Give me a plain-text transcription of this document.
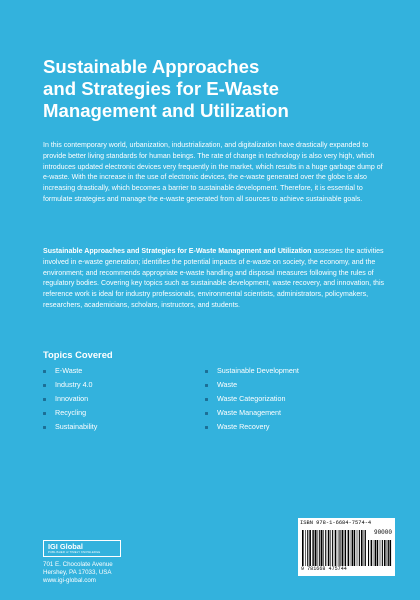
Sustainable Approaches
and Strategies for E-Waste
Management and Utilization

In this contemporary world, urbanization, industrialization, and digitalization have drastically expanded to provide better living standards for human beings. The rate of change in technology is also very high, which introduces updated electronic devices very frequently in the market, which results in a huge garbage dump of e-waste. With the increase in the use of electronic devices, the e-waste generated over the globe is also increasing drastically, which becomes a barrier to sustainable development. Therefore, it is essential to formulate strategies and manage the e-waste generated from all sources to achieve sustainable goals.

Sustainable Approaches and Strategies for E-Waste Management and Utilization assesses the activities involved in e-waste generation; identifies the potential impacts of e-waste on society, the economy, and the environment; and recommends appropriate e-waste handling and disposal measures following the rules of regulatory bodies. Covering key topics such as sustainable development, waste recovery, and innovation, this reference work is ideal for industry professionals, environmental scientists, administrators, policymakers, researchers, academicians, scholars, instructors, and students.

Topics Covered
E-Waste
Industry 4.0
Innovation
Recycling
Sustainability
Sustainable Development
Waste
Waste Categorization
Waste Management
Waste Recovery
IGI Global
PUBLISHER of TIMELY KNOWLEDGE
701 E. Chocolate Avenue
Hershey, PA 17033, USA
www.igi-global.com
ISBN 978-1-6684-7574-4
90000
9 781668 475744
